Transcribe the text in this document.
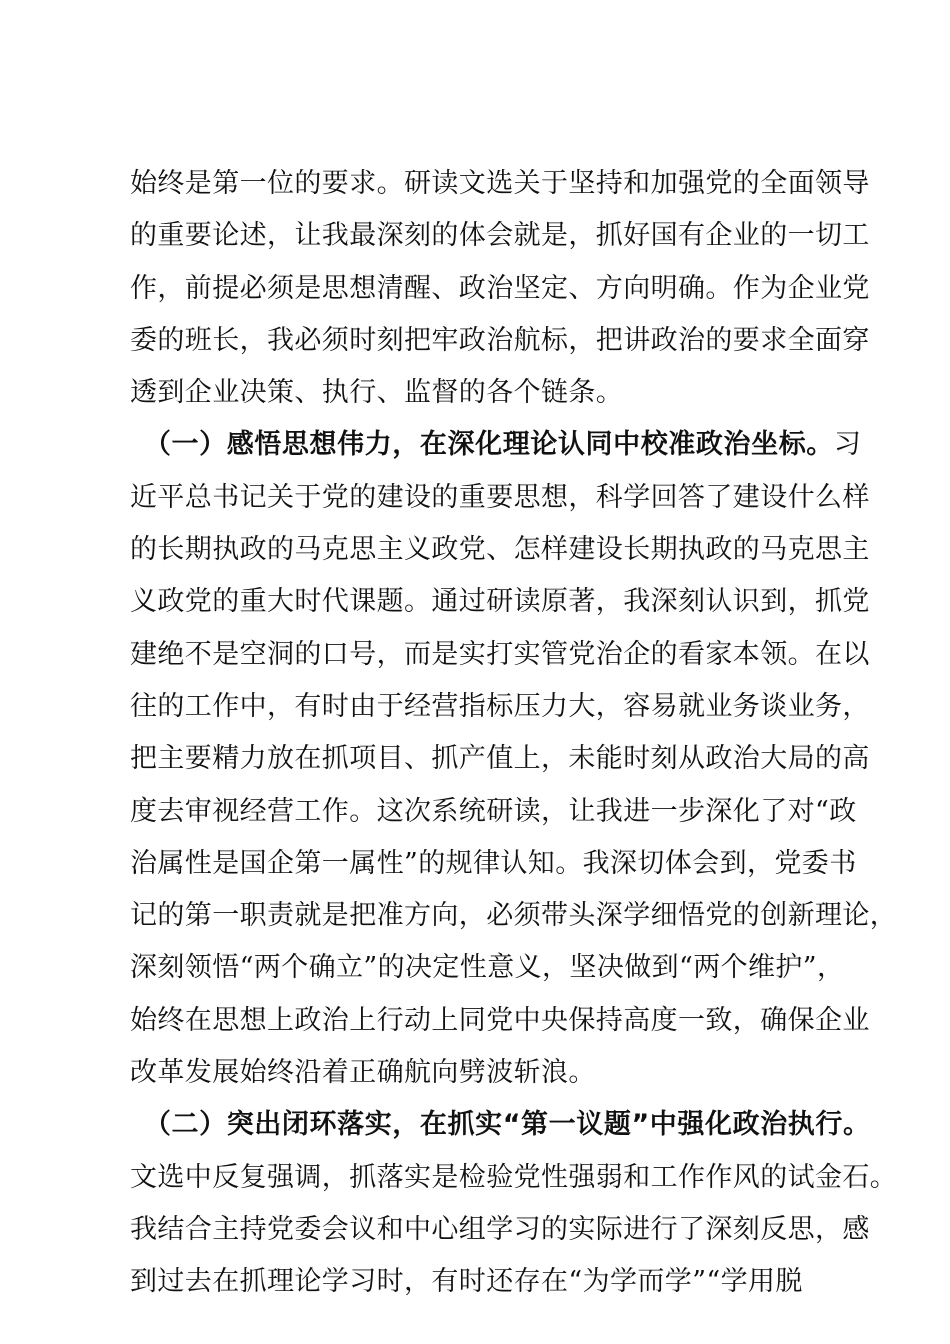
始终是第一位的要求。研读文选关于坚持和加强党的全面领导
的重要论述，让我最深刻的体会就是，抓好国有企业的一切工
作，前提必须是思想清醒、政治坚定、方向明确。作为企业党
委的班长，我必须时刻把牢政治航标，把讲政治的要求全面穿
透到企业决策、执行、监督的各个链条。

　（一）感悟思想伟力，在深化理论认同中校准政治坐标。习
近平总书记关于党的建设的重要思想，科学回答了建设什么样
的长期执政的马克思主义政党、怎样建设长期执政的马克思主
义政党的重大时代课题。通过研读原著，我深刻认识到，抓党
建绝不是空洞的口号，而是实打实管党治企的看家本领。在以
往的工作中，有时由于经营指标压力大，容易就业务谈业务，
把主要精力放在抓项目、抓产值上，未能时刻从政治大局的高
度去审视经营工作。这次系统研读，让我进一步深化了对“政
治属性是国企第一属性”的规律认知。我深切体会到，党委书
记的第一职责就是把准方向，必须带头深学细悟党的创新理论，
深刻领悟“两个确立”的决定性意义，坚决做到“两个维护”，
始终在思想上政治上行动上同党中央保持高度一致，确保企业
改革发展始终沿着正确航向劈波斩浪。

　（二）突出闭环落实，在抓实“第一议题”中强化政治执行。
文选中反复强调，抓落实是检验党性强弱和工作作风的试金石。
我结合主持党委会议和中心组学习的实际进行了深刻反思，感
到过去在抓理论学习时，有时还存在“为学而学”“学用脱
